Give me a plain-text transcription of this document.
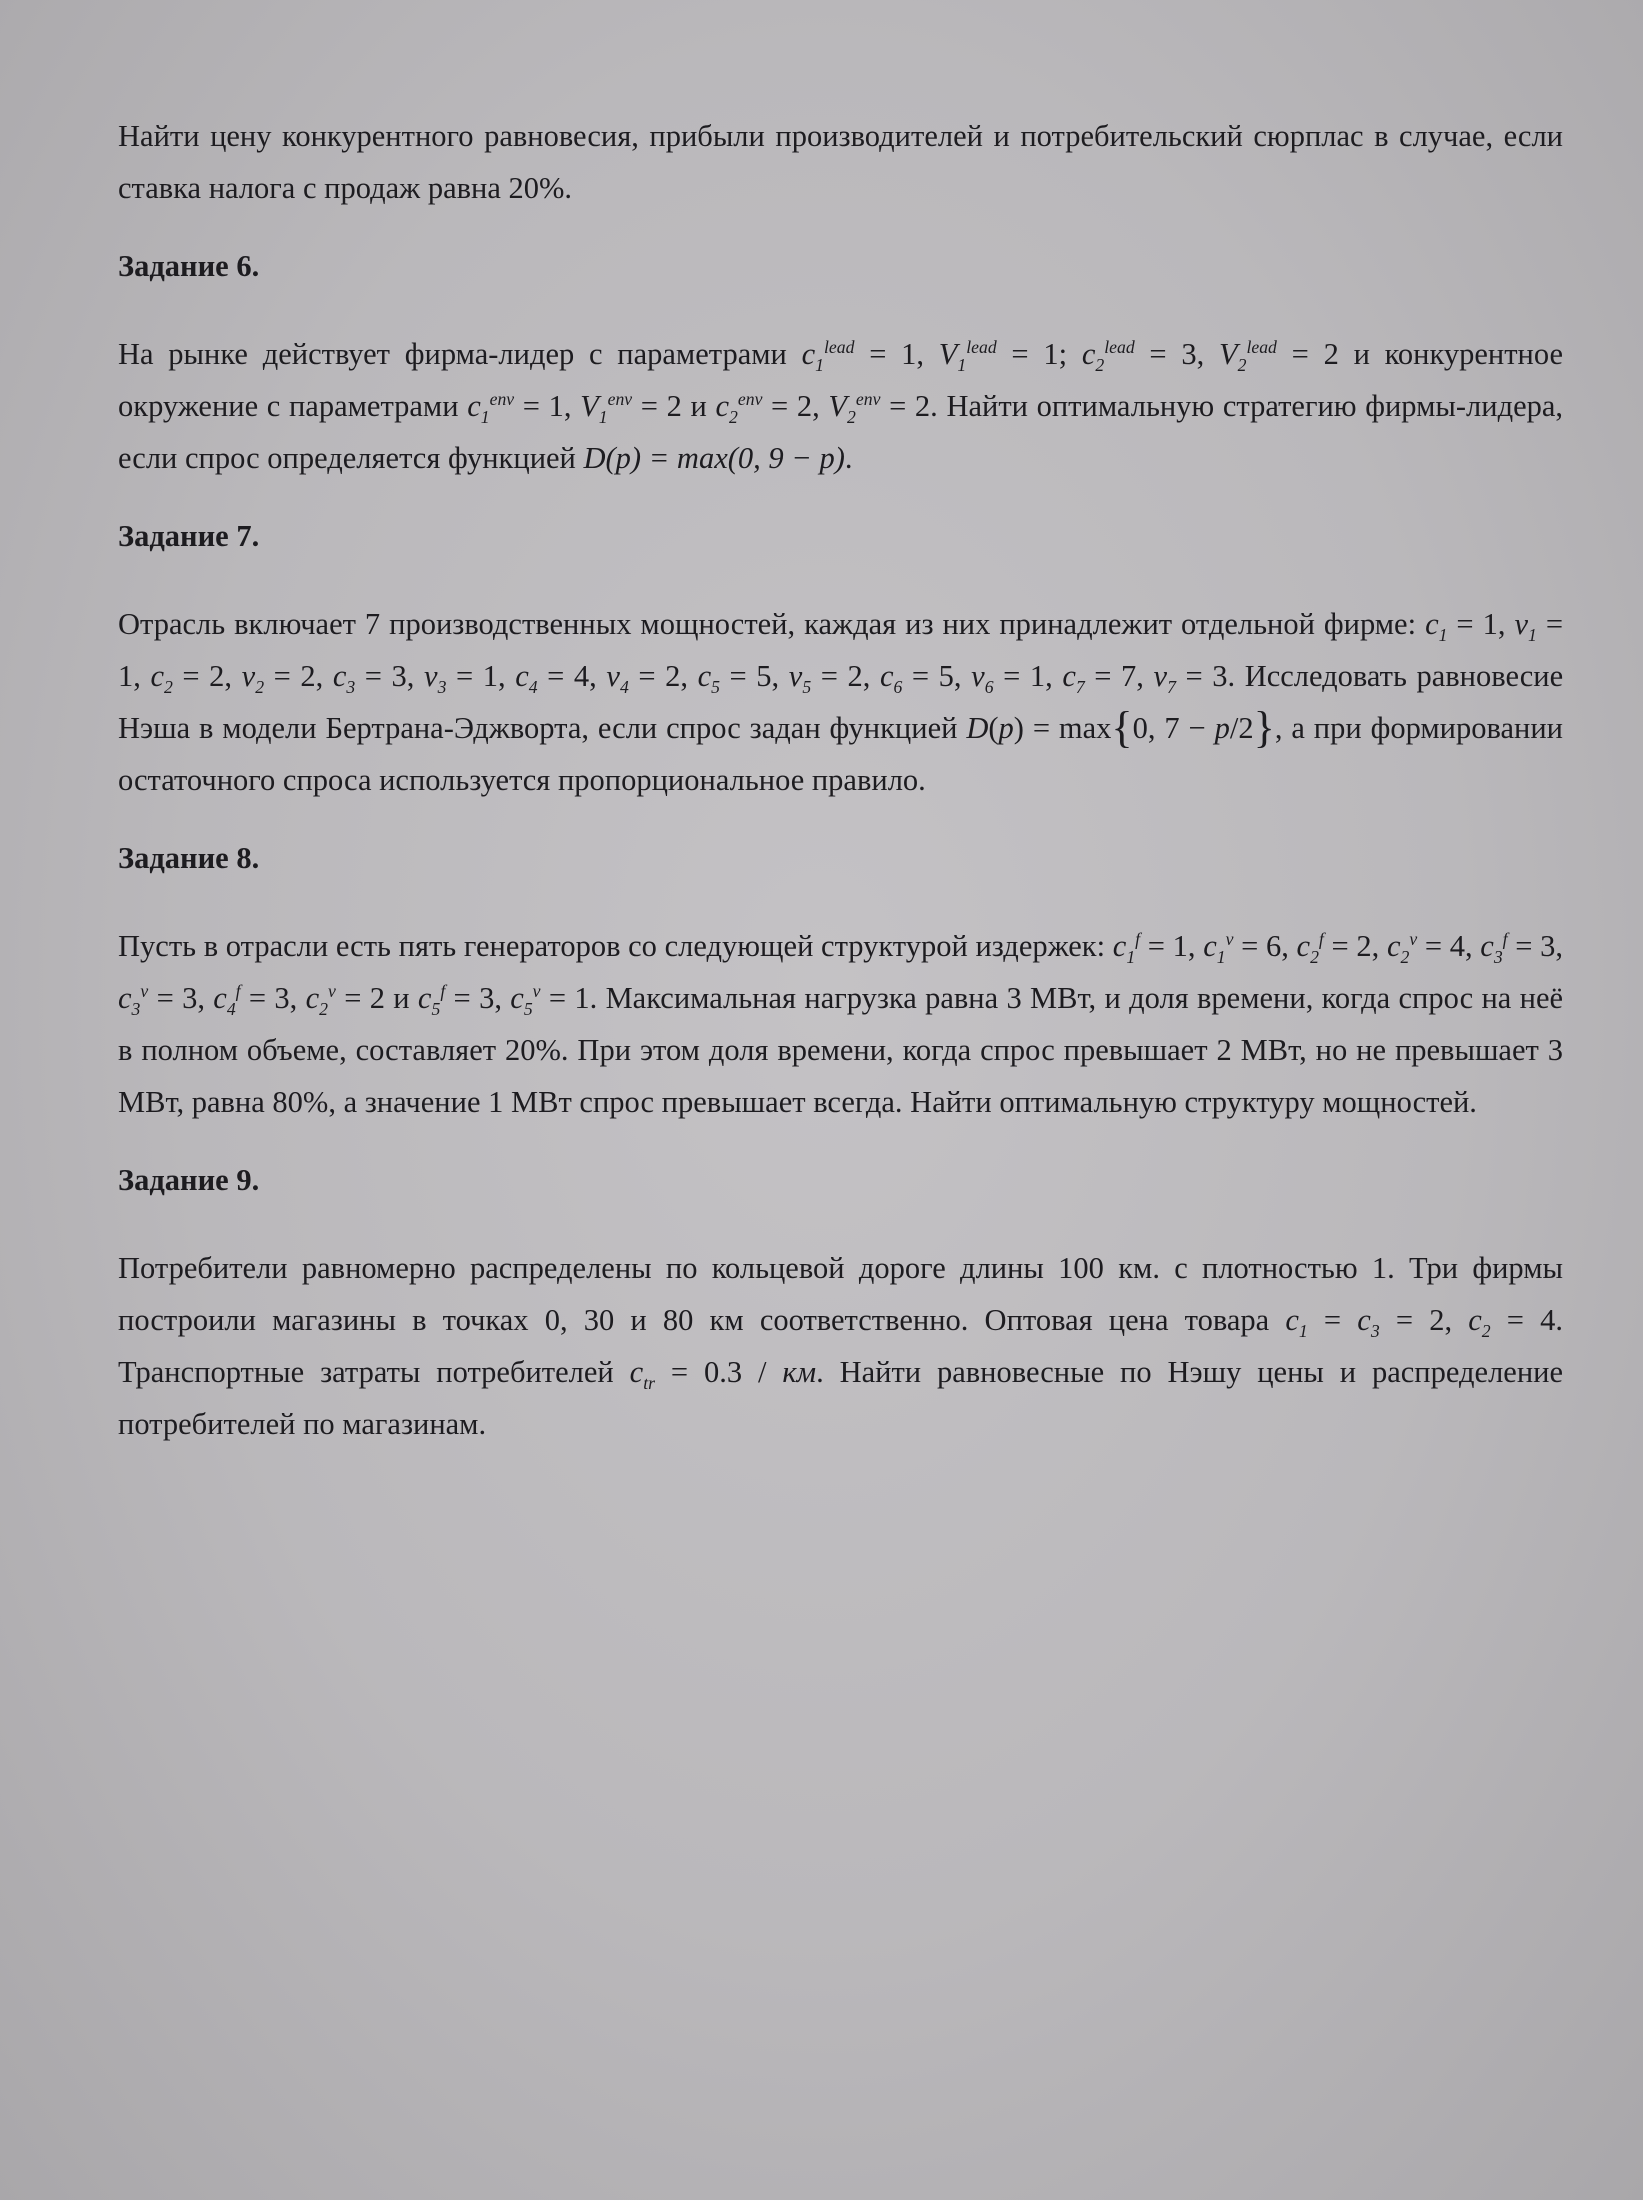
Найти цену конкурентного равновесия, прибыли производителей и потребительский сюрплас в случае, если ставка налога с продаж равна 20%.

Задание 6.

На рынке действует фирма-лидер с параметрами $c_1^{lead} = 1$, $V_1^{lead} = 1$; $c_2^{lead} = 3$, $V_2^{lead} = 2$ и конкурентное окружение с параметрами $c_1^{env} = 1$, $V_1^{env} = 2$ и $c_2^{env} = 2$, $V_2^{env} = 2$. Найти оптимальную стратегию фирмы-лидера, если спрос определяется функцией D(p) = max(0, 9 − p).

Задание 7.

Отрасль включает 7 производственных мощностей, каждая из них принадлежит отдельной фирме: $c_1 = 1$, $v_1 = 1$, $c_2 = 2$, $v_2 = 2$, $c_3 = 3$, $v_3 = 1$, $c_4 = 4$, $v_4 = 2$, $c_5 = 5$, $v_5 = 2$, $c_6 = 5$, $v_6 = 1$, $c_7 = 7$, $v_7 = 3$. Исследовать равновесие Нэша в модели Бертрана-Эджворта, если спрос задан функцией D(p) = max{0, 7 − p/2}, а при формировании остаточного спроса используется пропорциональное правило.

Задание 8.

Пусть в отрасли есть пять генераторов со следующей структурой издержек: $c_1^f = 1$, $c_1^v = 6$, $c_2^f = 2$, $c_2^v = 4$, $c_3^f = 3$, $c_3^v = 3$, $c_4^f = 3$, $c_2^v = 2$ и $c_5^f = 3$, $c_5^v = 1$. Максимальная нагрузка равна 3 МВт, и доля времени, когда спрос на неё в полном объеме, составляет 20%. При этом доля времени, когда спрос превышает 2 МВт, но не превышает 3 МВт, равна 80%, а значение 1 МВт спрос превышает всегда. Найти оптимальную структуру мощностей.

Задание 9.

Потребители равномерно распределены по кольцевой дороге длины 100 км. с плотностью 1. Три фирмы построили магазины в точках 0, 30 и 80 км соответственно. Оптовая цена товара $c_1 = c_3 = 2$, $c_2 = 4$. Транспортные затраты потребителей $c_{tr} = 0.3$ / км. Найти равновесные по Нэшу цены и распределение потребителей по магазинам.
